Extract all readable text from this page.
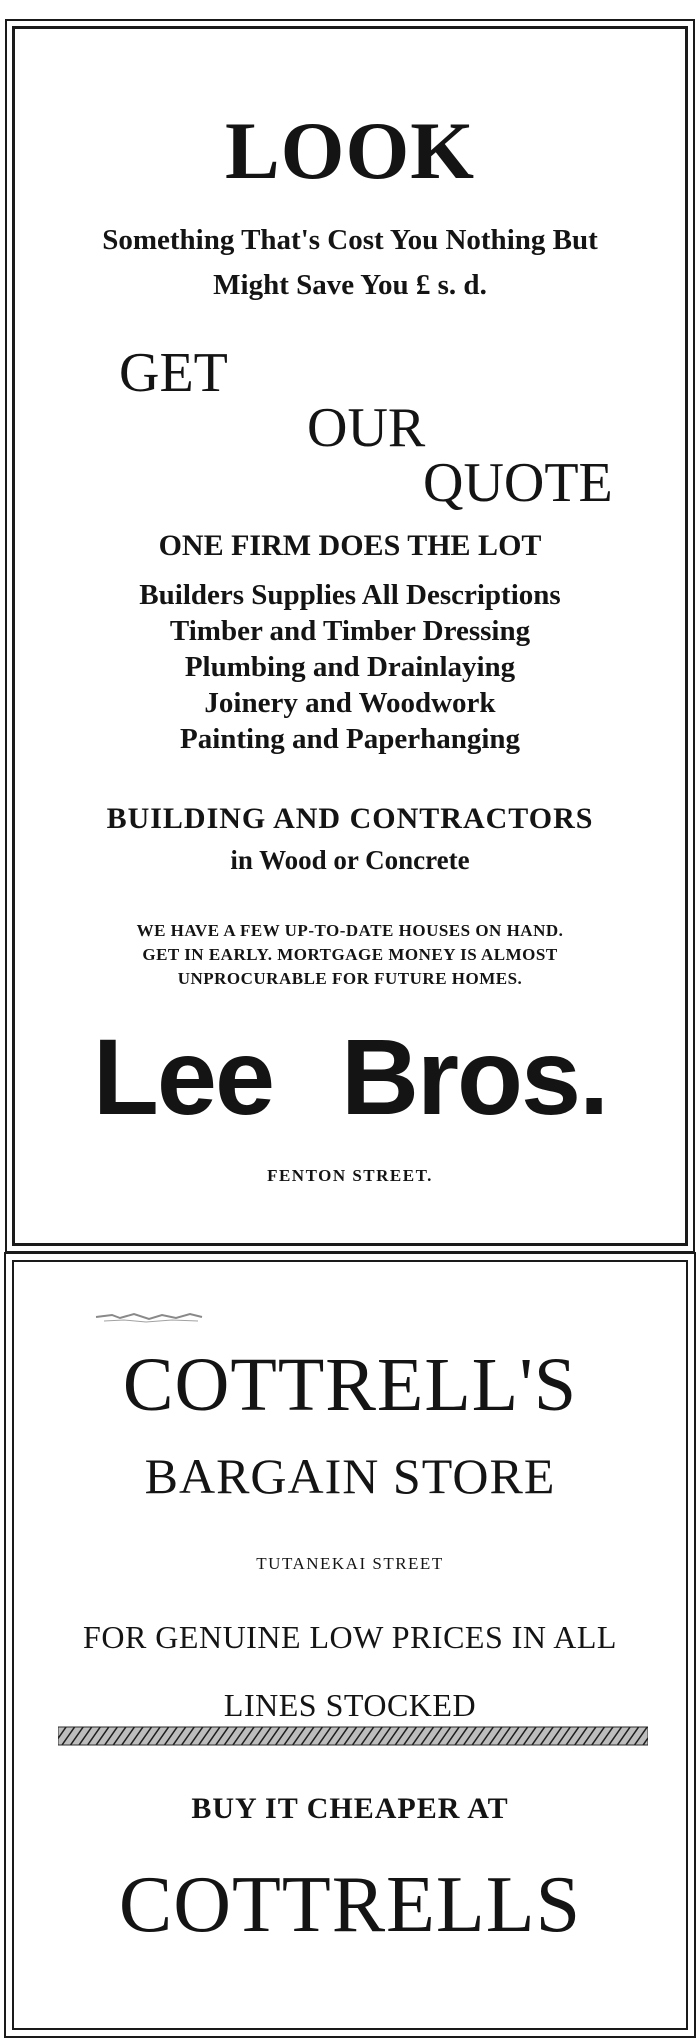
LOOK

Something That's Cost You Nothing But

Might Save You £ s. d.

GET

OUR

QUOTE

ONE FIRM DOES THE LOT

Builders Supplies All Descriptions
Timber and Timber Dressing
Plumbing and Drainlaying
Joinery and Woodwork
Painting and Paperhanging

BUILDING AND CONTRACTORS

in Wood or Concrete

WE HAVE A FEW UP-TO-DATE HOUSES ON HAND.
GET IN EARLY. MORTGAGE MONEY IS ALMOST
UNPROCURABLE FOR FUTURE HOMES.

Lee Bros.

FENTON STREET.

COTTRELL'S

BARGAIN STORE

TUTANEKAI STREET

FOR GENUINE LOW PRICES IN ALL

LINES STOCKED

BUY IT CHEAPER AT

COTTRELLS
